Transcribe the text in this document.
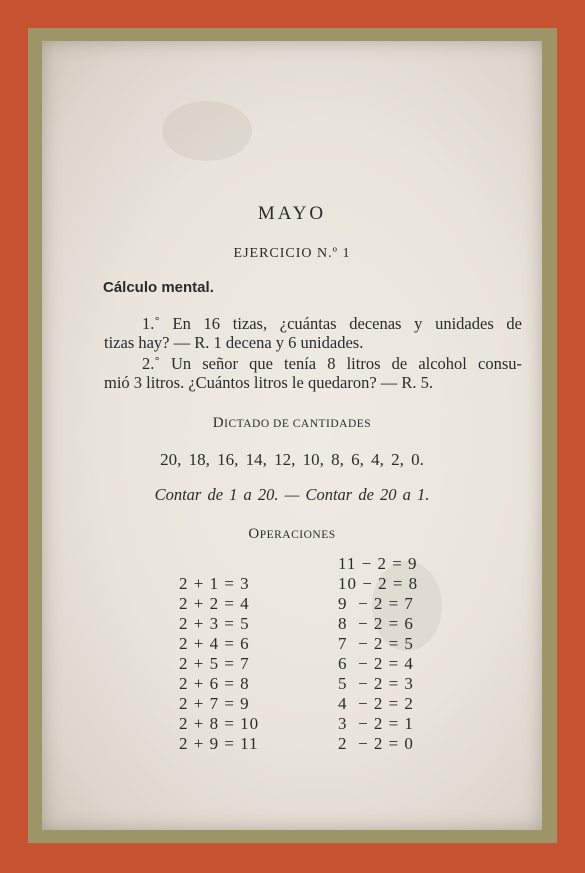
MAYO
EJERCICIO N.º 1
Cálculo mental.
1.˚ En 16 tizas, ¿cuántas decenas y unidades de
tizas hay? — R. 1 decena y 6 unidades.
2.˚ Un señor que tenía 8 litros de alcohol consu-
mió 3 litros. ¿Cuántos litros le quedaron? — R. 5.
DICTADO DE CANTIDADES
20, 18, 16, 14, 12, 10, 8, 6, 4, 2, 0.
Contar de 1 a 20. — Contar de 20 a 1.
OPERACIONES
2 + 1 = 3
2 + 2 = 4
2 + 3 = 5
2 + 4 = 6
2 + 5 = 7
2 + 6 = 8
2 + 7 = 9
2 + 8 = 10
2 + 9 = 11
11 − 2 = 9
10 − 2 = 8
9  − 2 = 7
8  − 2 = 6
7  − 2 = 5
6  − 2 = 4
5  − 2 = 3
4  − 2 = 2
3  − 2 = 1
2  − 2 = 0
